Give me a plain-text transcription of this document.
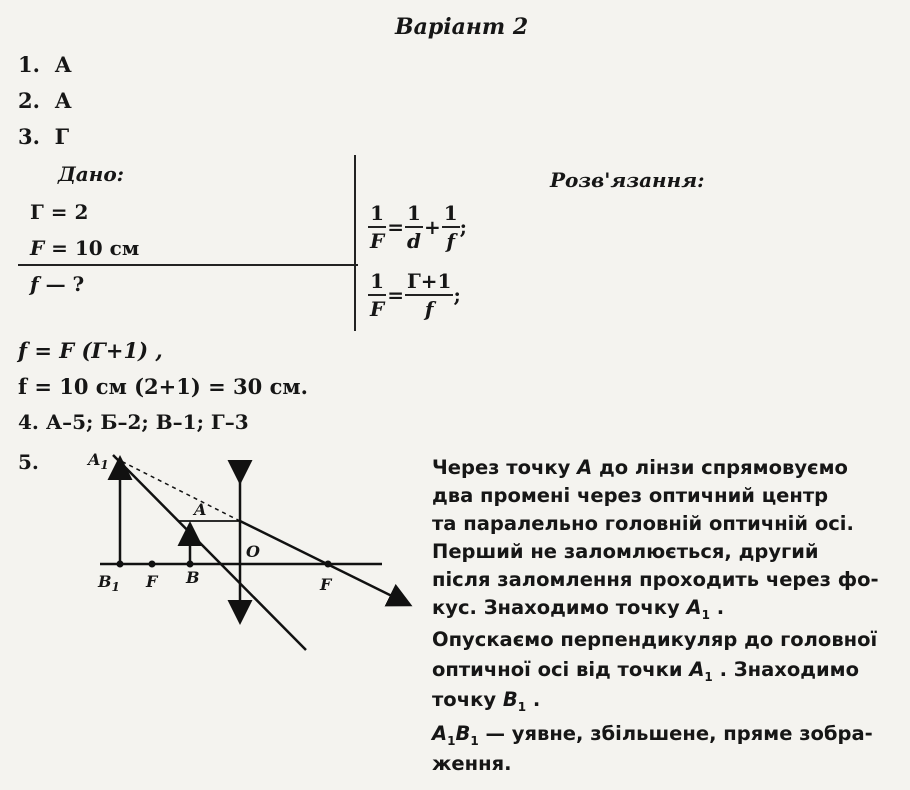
Варіант 2
1. А
2. А
3. Г
Дано:	Розв'язання:
Г = 2
F = 10 см
f — ?
$\frac{1}{F} = \frac{1}{d} + \frac{1}{f}$ ;
$\frac{1}{F} = \frac{Г+1}{f}$ ;
f = F (Г+1) ,
f = 10 см (2+1) = 30 см.
4. А–5; Б–2; В–1; Г–3
5.	$A_1$
A
$B_1$ F B
O
F
Через точку A до лінзи спрямовуємо
два промені через оптичний центр
та паралельно головній оптичній осі.
Перший не заломлюється, другий
після заломлення проходить через фо-
кус. Знаходимо точку $A_1$ .
Опускаємо перпендикуляр до головної
оптичної осі від точки $A_1$ . Знаходимо
точку $B_1$ .
$A_1B_1$ — уявне, збільшене, пряме зобра-
ження.
